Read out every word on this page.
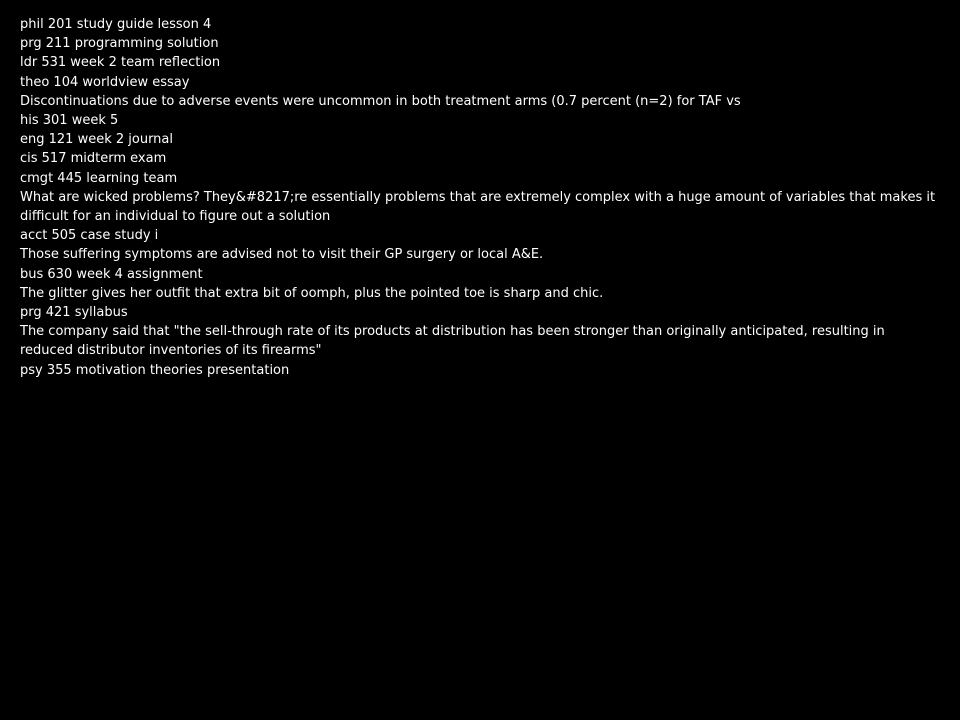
phil 201 study guide lesson 4
prg 211 programming solution
ldr 531 week 2 team reflection
theo 104 worldview essay
Discontinuations due to adverse events were uncommon in both treatment arms (0.7 percent (n=2) for TAF vs
his 301 week 5
eng 121 week 2 journal
cis 517 midterm exam
cmgt 445 learning team
What are wicked problems? They&#8217;re essentially problems that are extremely complex with a huge amount of variables that makes it difficult for an individual to figure out a solution
acct 505 case study i
Those suffering symptoms are advised not to visit their GP surgery or local A&E.
bus 630 week 4 assignment
The glitter gives her outfit that extra bit of oomph, plus the pointed toe is sharp and chic.
prg 421 syllabus
The company said that "the sell-through rate of its products at distribution has been stronger than originally anticipated, resulting in reduced distributor inventories of its firearms"
psy 355 motivation theories presentation
